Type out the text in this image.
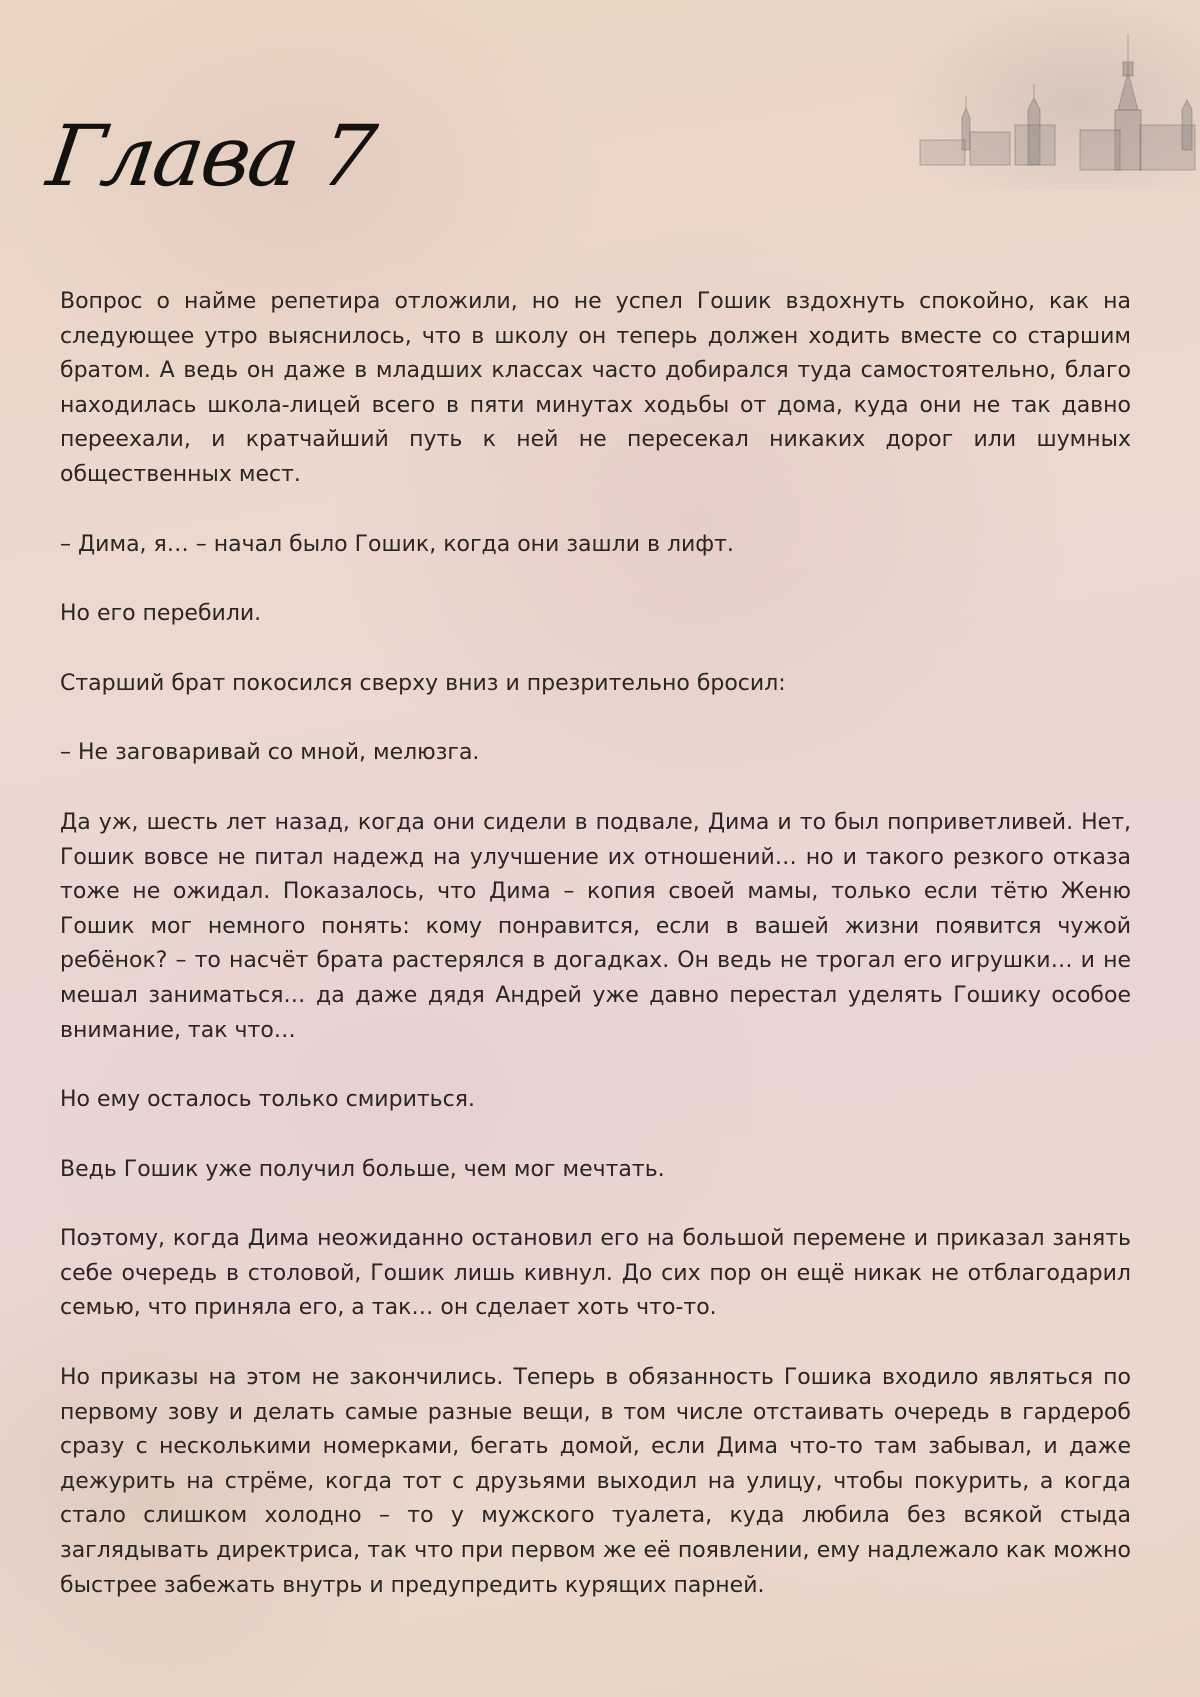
Глава 7

Вопрос о найме репетира отложили, но не успел Гошик вздохнуть спокойно, как на следующее утро выяснилось, что в школу он теперь должен ходить вместе со старшим братом. А ведь он даже в младших классах часто добирался туда самостоятельно, благо находилась школа-лицей всего в пяти минутах ходьбы от дома, куда они не так давно переехали, и кратчайший путь к ней не пересекал никаких дорог или шумных общественных мест.

– Дима, я… – начал было Гошик, когда они зашли в лифт.

Но его перебили.

Старший брат покосился сверху вниз и презрительно бросил:

– Не заговаривай со мной, мелюзга.

Да уж, шесть лет назад, когда они сидели в подвале, Дима и то был поприветливей. Нет, Гошик вовсе не питал надежд на улучшение их отношений… но и такого резкого отказа тоже не ожидал. Показалось, что Дима – копия своей мамы, только если тётю Женю Гошик мог немного понять: кому понравится, если в вашей жизни появится чужой ребёнок? – то насчёт брата растерялся в догадках. Он ведь не трогал его игрушки… и не мешал заниматься… да даже дядя Андрей уже давно перестал уделять Гошику особое внимание, так что…

Но ему осталось только смириться.

Ведь Гошик уже получил больше, чем мог мечтать.

Поэтому, когда Дима неожиданно остановил его на большой перемене и приказал занять себе очередь в столовой, Гошик лишь кивнул. До сих пор он ещё никак не отблагодарил семью, что приняла его, а так… он сделает хоть что-то.

Но приказы на этом не закончились. Теперь в обязанность Гошика входило являться по первому зову и делать самые разные вещи, в том числе отстаивать очередь в гардероб сразу с несколькими номерками, бегать домой, если Дима что-то там забывал, и даже дежурить на стрёме, когда тот с друзьями выходил на улицу, чтобы покурить, а когда стало слишком холодно – то у мужского туалета, куда любила без всякой стыда заглядывать директриса, так что при первом же её появлении, ему надлежало как можно быстрее забежать внутрь и предупредить курящих парней.
